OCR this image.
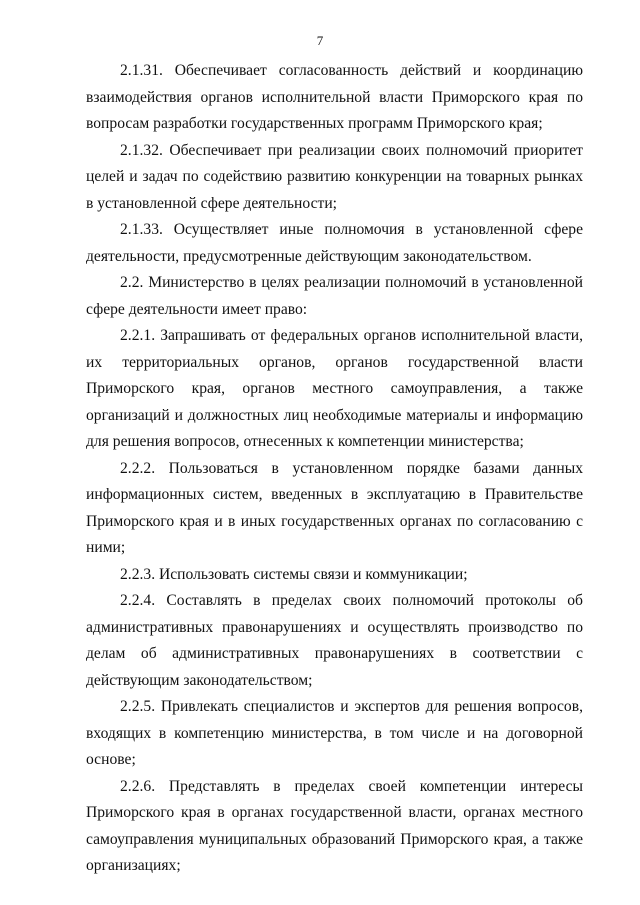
7

2.1.31. Обеспечивает согласованность действий и координацию взаимодействия органов исполнительной власти Приморского края по вопросам разработки государственных программ Приморского края;

2.1.32. Обеспечивает при реализации своих полномочий приоритет целей и задач по содействию развитию конкуренции на товарных рынках в установленной сфере деятельности;

2.1.33. Осуществляет иные полномочия в установленной сфере деятельности, предусмотренные действующим законодательством.

2.2. Министерство в целях реализации полномочий в установленной сфере деятельности имеет право:

2.2.1. Запрашивать от федеральных органов исполнительной власти, их территориальных органов, органов государственной власти Приморского края, органов местного самоуправления, а также организаций и должностных лиц необходимые материалы и информацию для решения вопросов, отнесенных к компетенции министерства;

2.2.2. Пользоваться в установленном порядке базами данных информационных систем, введенных в эксплуатацию в Правительстве Приморского края и в иных государственных органах по согласованию с ними;

2.2.3. Использовать системы связи и коммуникации;

2.2.4. Составлять в пределах своих полномочий протоколы об административных правонарушениях и осуществлять производство по делам об административных правонарушениях в соответствии с действующим законодательством;

2.2.5. Привлекать специалистов и экспертов для решения вопросов, входящих в компетенцию министерства, в том числе и на договорной основе;

2.2.6. Представлять в пределах своей компетенции интересы Приморского края в органах государственной власти, органах местного самоуправления муниципальных образований Приморского края, а также организациях;
